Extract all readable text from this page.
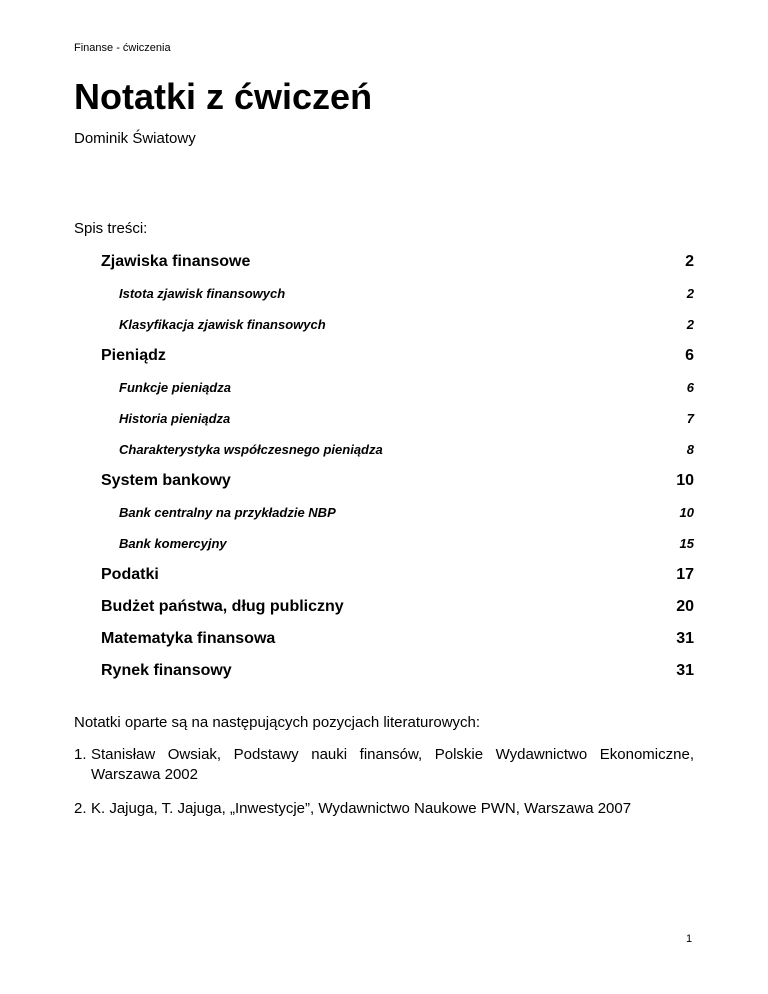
Finanse - ćwiczenia
Notatki z ćwiczeń
Dominik Światowy
Spis treści:
Zjawiska finansowe	2
Istota zjawisk finansowych	2
Klasyfikacja zjawisk finansowych	2
Pieniądz	6
Funkcje pieniądza	6
Historia pieniądza	7
Charakterystyka współczesnego pieniądza	8
System bankowy	10
Bank centralny na przykładzie NBP	10
Bank komercyjny	15
Podatki	17
Budżet państwa, dług publiczny	20
Matematyka finansowa	31
Rynek finansowy	31

Notatki oparte są na następujących pozycjach literaturowych:

1. Stanisław Owsiak, Podstawy nauki finansów, Polskie Wydawnictwo Ekonomiczne, Warszawa 2002
2. K. Jajuga, T. Jajuga, „Inwestycje”, Wydawnictwo Naukowe PWN, Warszawa 2007
1
